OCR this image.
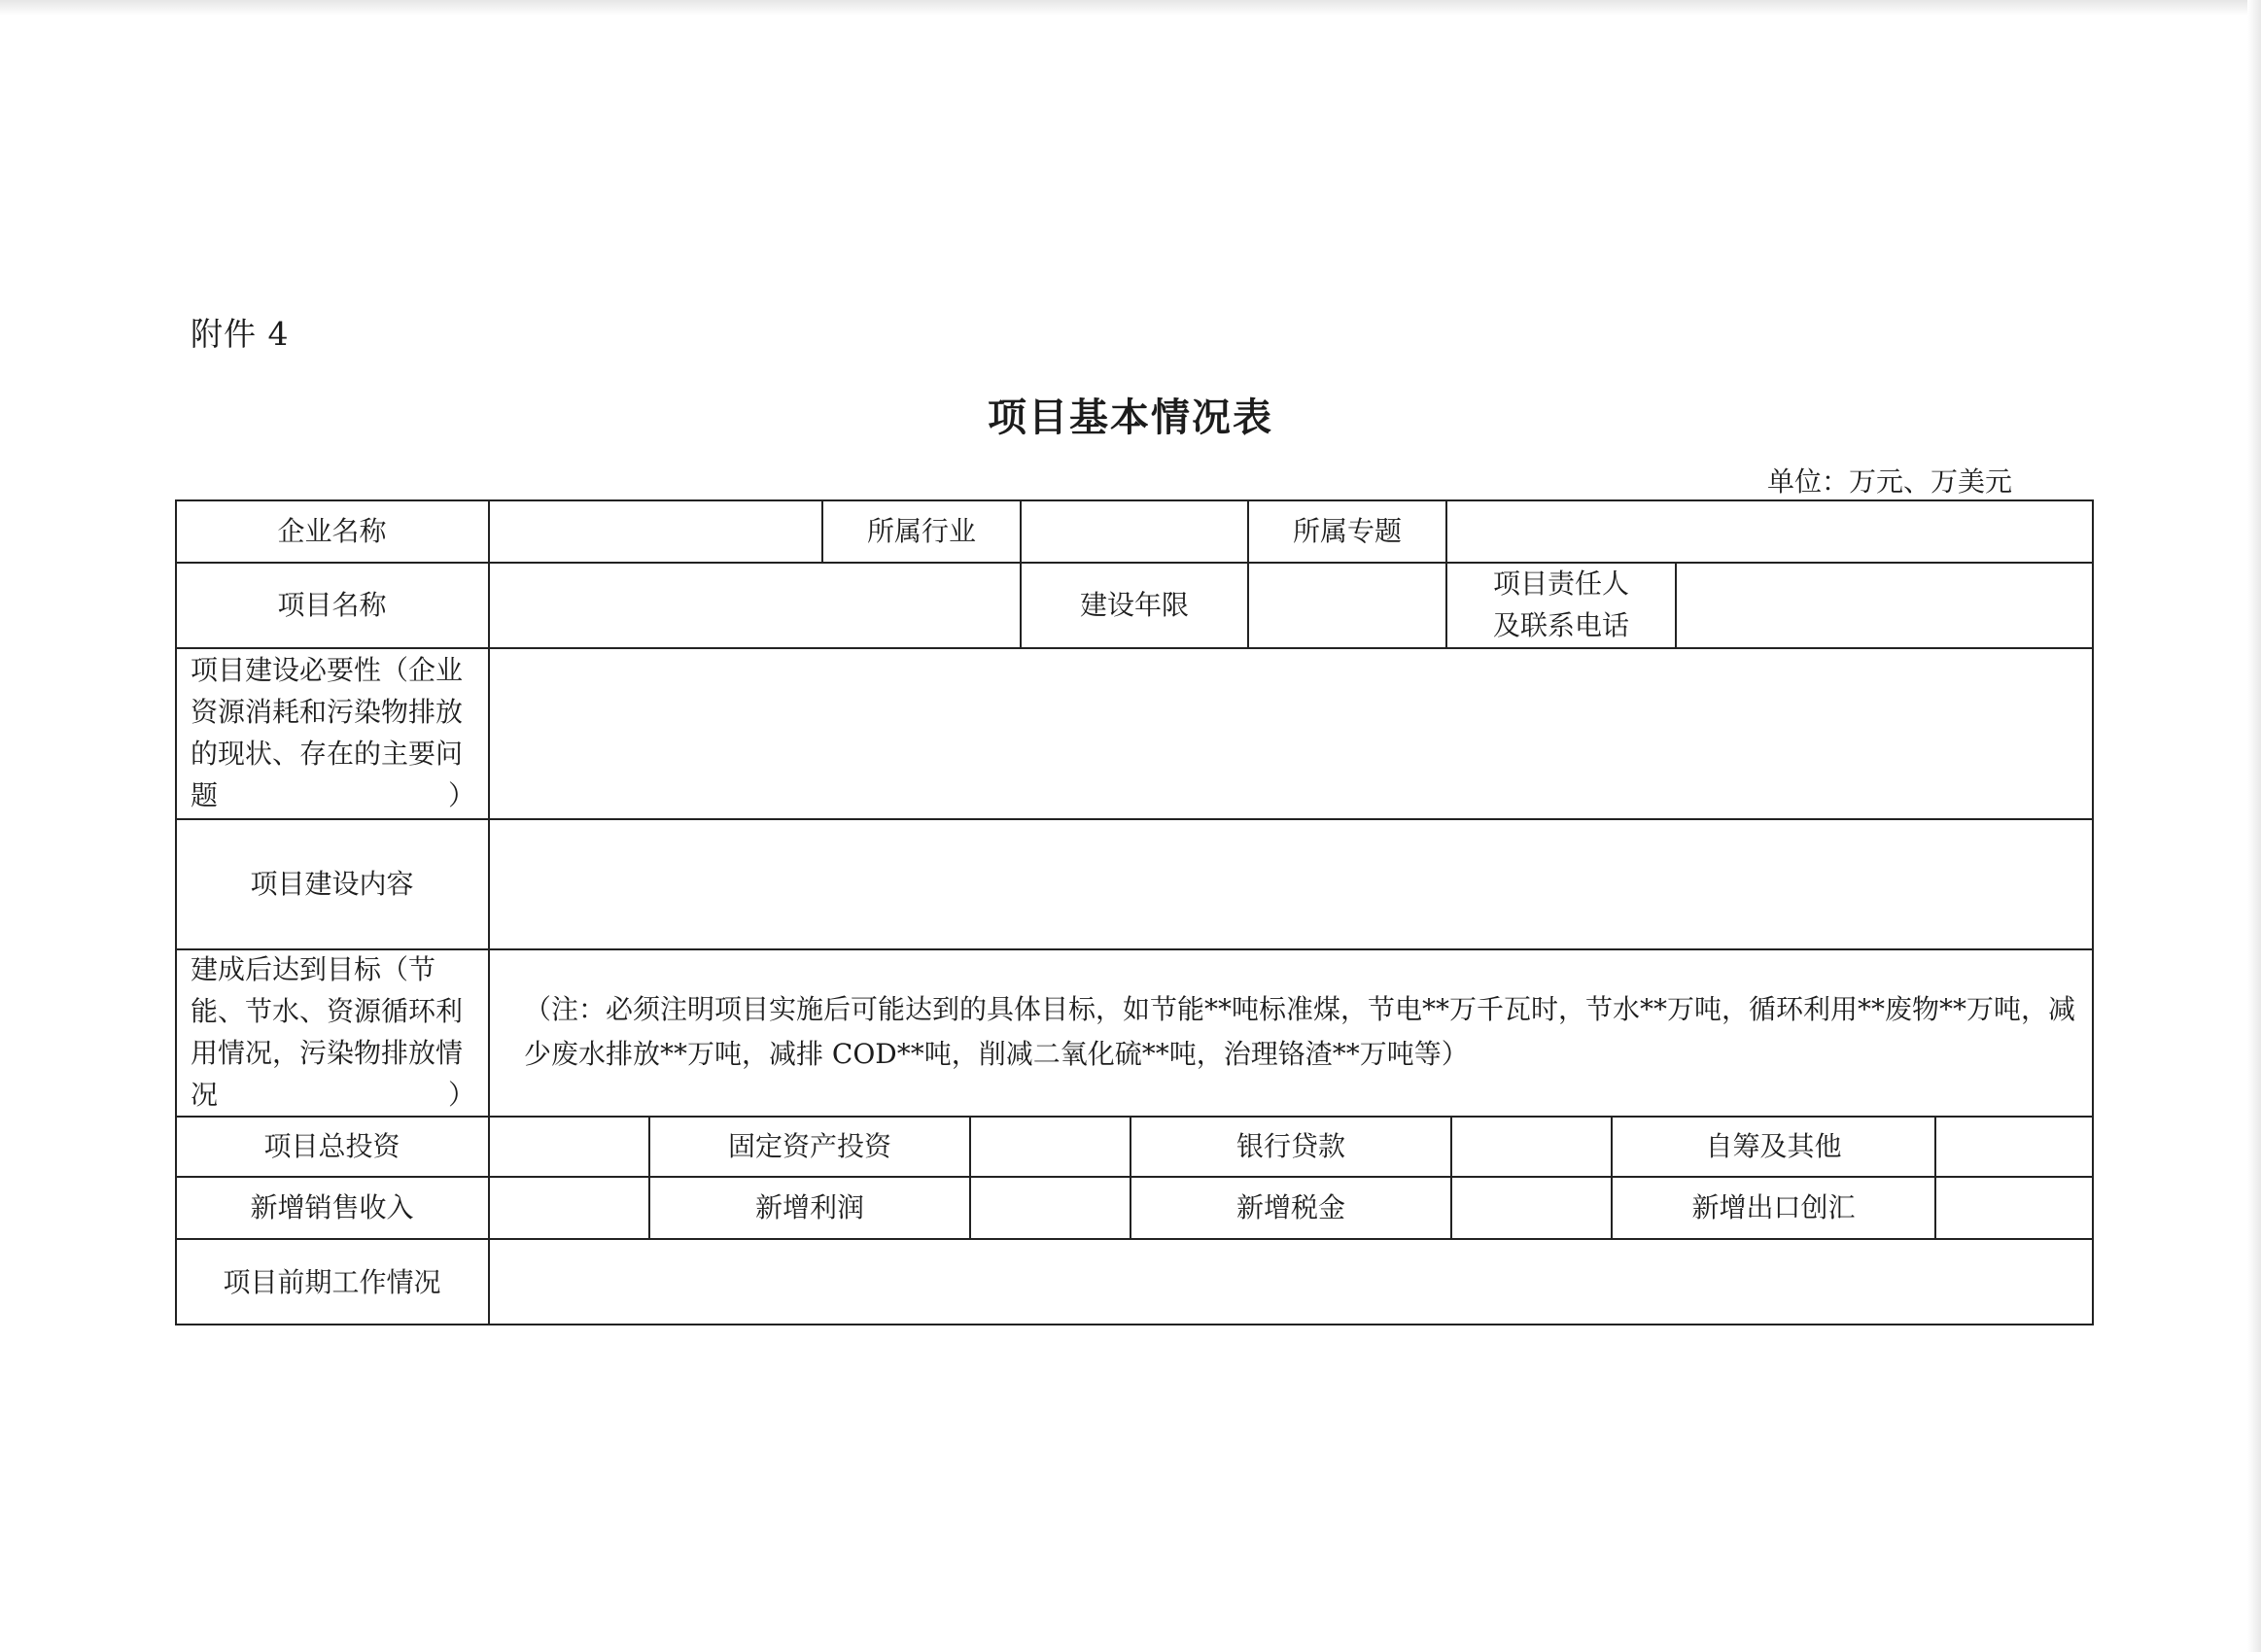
附件 4
项目基本情况表
单位：万元、万美元
企业名称	所属行业	所属专题
项目名称	建设年限
项目责任人
及联系电话
项目建设必要性（企业资源消耗和污染物排放的现状、存在的主要问题）
项目建设内容
建成后达到目标（节能、节水、资源循环利用情况，污染物排放情况）
（注：必须注明项目实施后可能达到的具体目标，如节能**吨标准煤，节电**万千瓦时，节水**万吨，循环利用**废物**万吨，减少废水排放**万吨，减排 COD**吨，削减二氧化硫**吨，治理铬渣**万吨等）
项目总投资	固定资产投资	银行贷款	自筹及其他
新增销售收入	新增利润	新增税金	新增出口创汇
项目前期工作情况
